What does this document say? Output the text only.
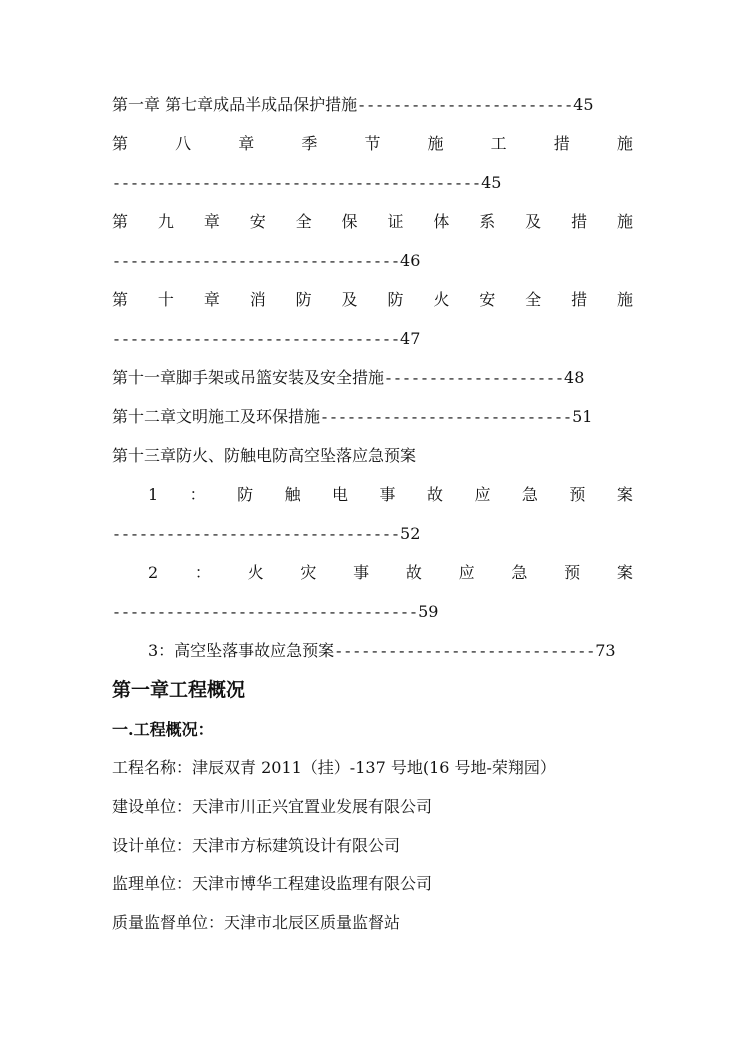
第一章 第七章成品半成品保护措施------------------------45
第	八	章	季	节	施	工	措	施
-----------------------------------------45
第 九 章 安 全 保 证 体 系 及 措 施
--------------------------------46
第 十 章 消 防 及 防 火 安 全 措 施
--------------------------------47
第十一章脚手架或吊篮安装及安全措施--------------------48
第十二章文明施工及环保措施----------------------------51
第十三章防火、防触电防高空坠落应急预案
1 ： 防 触 电 事 故 应 急 预 案
--------------------------------52
2 ： 火 灾 事 故 应 急 预 案
----------------------------------59
3：高空坠落事故应急预案-----------------------------73
第一章工程概况
一.工程概况：
工程名称：津辰双青 2011（挂）-137 号地(16 号地-荣翔园）
建设单位：天津市川正兴宜置业发展有限公司
设计单位：天津市方标建筑设计有限公司
监理单位：天津市博华工程建设监理有限公司
质量监督单位：天津市北辰区质量监督站
